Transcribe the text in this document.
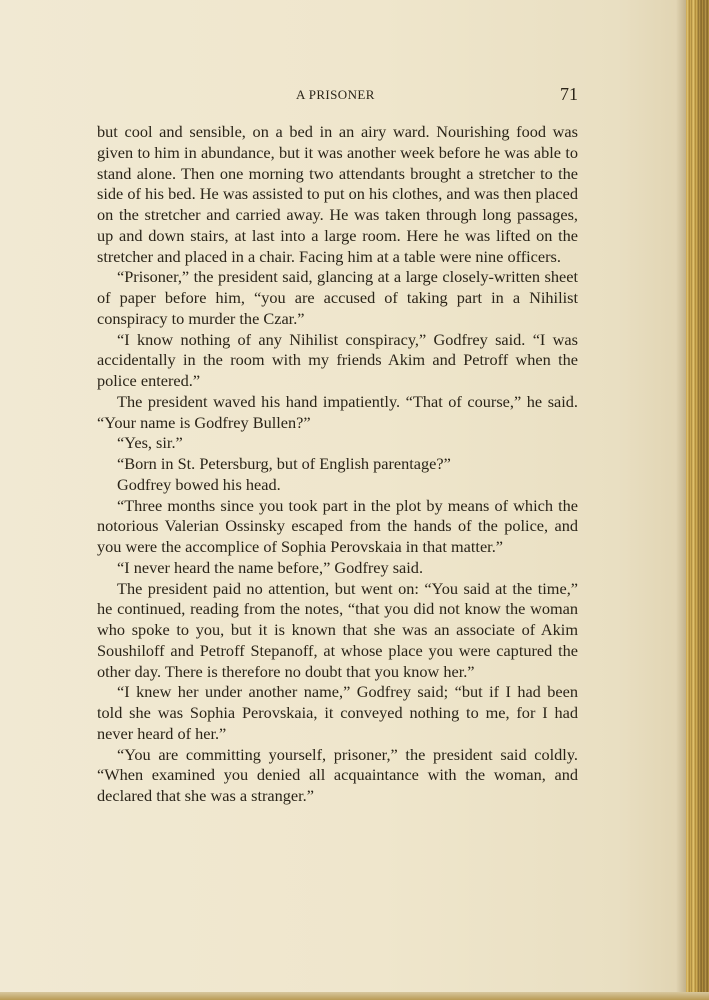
A PRISONER	71

but cool and sensible, on a bed in an airy ward. Nourishing food was given to him in abundance, but it was another week before he was able to stand alone. Then one morning two attendants brought a stretcher to the side of his bed. He was assisted to put on his clothes, and was then placed on the stretcher and carried away. He was taken through long passages, up and down stairs, at last into a large room. Here he was lifted on the stretcher and placed in a chair. Facing him at a table were nine officers.

“Prisoner,” the president said, glancing at a large closely-written sheet of paper before him, “you are accused of taking part in a Nihilist conspiracy to murder the Czar.”

“I know nothing of any Nihilist conspiracy,” Godfrey said. “I was accidentally in the room with my friends Akim and Petroff when the police entered.”

The president waved his hand impatiently. “That of course,” he said. “Your name is Godfrey Bullen?”

“Yes, sir.”

“Born in St. Petersburg, but of English parentage?”

Godfrey bowed his head.

“Three months since you took part in the plot by means of which the notorious Valerian Ossinsky escaped from the hands of the police, and you were the accomplice of Sophia Perovskaia in that matter.”

“I never heard the name before,” Godfrey said.

The president paid no attention, but went on: “You said at the time,” he continued, reading from the notes, “that you did not know the woman who spoke to you, but it is known that she was an associate of Akim Soushiloff and Petroff Stepanoff, at whose place you were captured the other day. There is therefore no doubt that you know her.”

“I knew her under another name,” Godfrey said; “but if I had been told she was Sophia Perovskaia, it conveyed nothing to me, for I had never heard of her.”

“You are committing yourself, prisoner,” the president said coldly. “When examined you denied all acquaintance with the woman, and declared that she was a stranger.”
